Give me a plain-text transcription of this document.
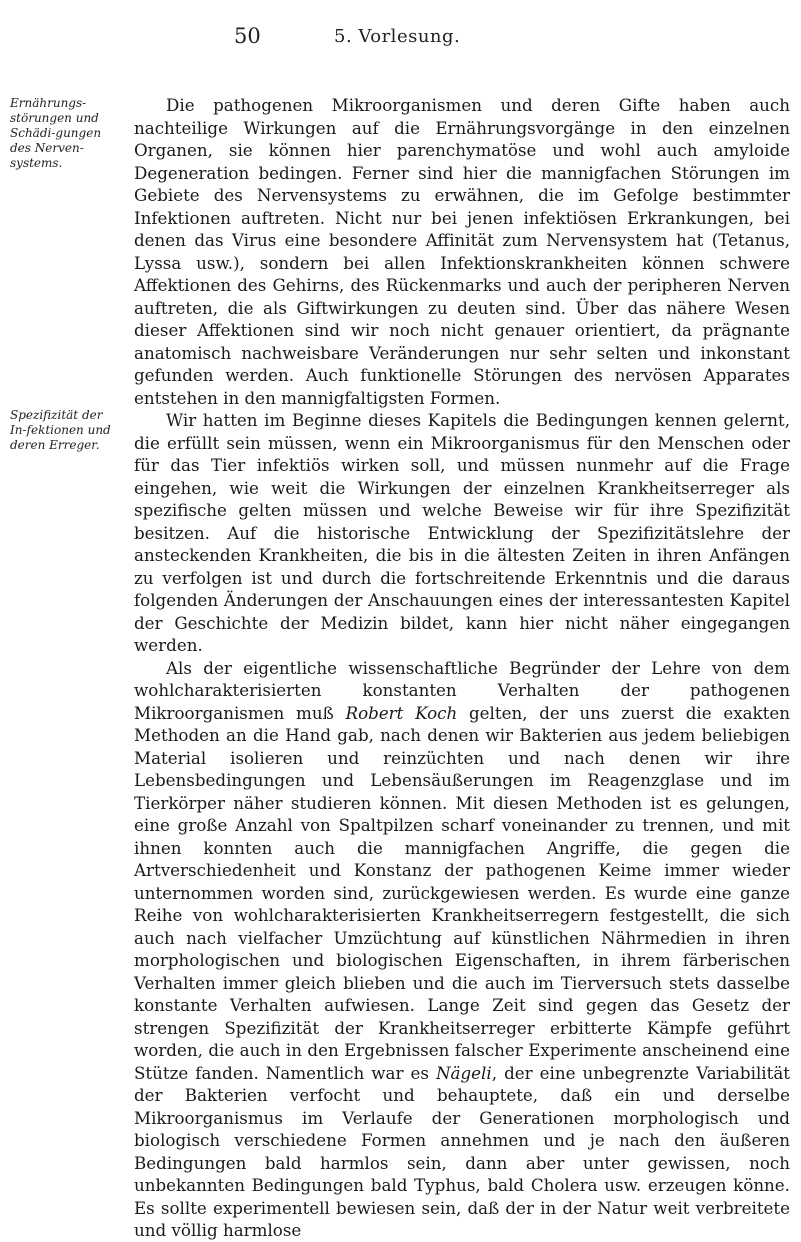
50	5. Vorlesung.
Ernährungs-störungen und Schädi-gungen des Nerven-systems.
Spezifizität der In-fektionen und deren Erreger.

Die pathogenen Mikroorganismen und deren Gifte haben auch nachteilige Wirkungen auf die Ernährungsvorgänge in den einzelnen Organen, sie können hier parenchymatöse und wohl auch amyloide Degeneration bedingen. Ferner sind hier die mannigfachen Störungen im Gebiete des Nervensystems zu erwähnen, die im Gefolge bestimmter Infektionen auftreten. Nicht nur bei jenen infektiösen Erkrankungen, bei denen das Virus eine besondere Affinität zum Nervensystem hat (Tetanus, Lyssa usw.), sondern bei allen Infektionskrankheiten können schwere Affektionen des Gehirns, des Rückenmarks und auch der peripheren Nerven auftreten, die als Giftwirkungen zu deuten sind. Über das nähere Wesen dieser Affektionen sind wir noch nicht genauer orientiert, da prägnante anatomisch nachweisbare Veränderungen nur sehr selten und inkonstant gefunden werden. Auch funktionelle Störungen des nervösen Apparates entstehen in den mannigfaltigsten Formen.

Wir hatten im Beginne dieses Kapitels die Bedingungen kennen gelernt, die erfüllt sein müssen, wenn ein Mikroorganismus für den Menschen oder für das Tier infektiös wirken soll, und müssen nunmehr auf die Frage eingehen, wie weit die Wirkungen der einzelnen Krankheitserreger als spezifische gelten müssen und welche Beweise wir für ihre Spezifizität besitzen. Auf die historische Entwicklung der Spezifizitätslehre der ansteckenden Krankheiten, die bis in die ältesten Zeiten in ihren Anfängen zu verfolgen ist und durch die fortschreitende Erkenntnis und die daraus folgenden Änderungen der Anschauungen eines der interessantesten Kapitel der Geschichte der Medizin bildet, kann hier nicht näher eingegangen werden.

Als der eigentliche wissenschaftliche Begründer der Lehre von dem wohlcharakterisierten konstanten Verhalten der pathogenen Mikroorganismen muß Robert Koch gelten, der uns zuerst die exakten Methoden an die Hand gab, nach denen wir Bakterien aus jedem beliebigen Material isolieren und reinzüchten und nach denen wir ihre Lebensbedingungen und Lebensäußerungen im Reagenzglase und im Tierkörper näher studieren können. Mit diesen Methoden ist es gelungen, eine große Anzahl von Spaltpilzen scharf voneinander zu trennen, und mit ihnen konnten auch die mannigfachen Angriffe, die gegen die Artverschiedenheit und Konstanz der pathogenen Keime immer wieder unternommen worden sind, zurückgewiesen werden. Es wurde eine ganze Reihe von wohlcharakterisierten Krankheitserregern festgestellt, die sich auch nach vielfacher Umzüchtung auf künstlichen Nährmedien in ihren morphologischen und biologischen Eigenschaften, in ihrem färberischen Verhalten immer gleich blieben und die auch im Tierversuch stets dasselbe konstante Verhalten aufwiesen. Lange Zeit sind gegen das Gesetz der strengen Spezifizität der Krankheitserreger erbitterte Kämpfe geführt worden, die auch in den Ergebnissen falscher Experimente anscheinend eine Stütze fanden. Namentlich war es Nägeli, der eine unbegrenzte Variabilität der Bakterien verfocht und behauptete, daß ein und derselbe Mikroorganismus im Verlaufe der Generationen morphologisch und biologisch verschiedene Formen annehmen und je nach den äußeren Bedingungen bald harmlos sein, dann aber unter gewissen, noch unbekannten Bedingungen bald Typhus, bald Cholera usw. erzeugen könne. Es sollte experimentell bewiesen sein, daß der in der Natur weit verbreitete und völlig harmlose
